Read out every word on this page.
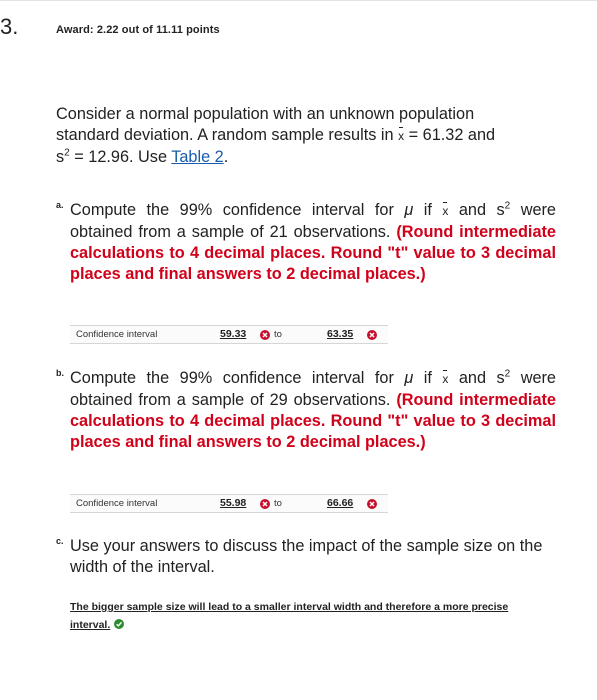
3.	Award: 2.22 out of 11.11 points
Consider a normal population with an unknown population
standard deviation. A random sample results in x = 61.32 and
$s^2 = 12.96$. Use Table 2.
a. Compute the 99% confidence interval for μ if x and $s^2$ were obtained from a sample of 21 observations. (Round intermediate calculations to 4 decimal places. Round "t" value to 3 decimal places and final answers to 2 decimal places.)
Confidence interval	59.33	to	63.35
b. Compute the 99% confidence interval for μ if x and $s^2$ were obtained from a sample of 29 observations. (Round intermediate calculations to 4 decimal places. Round "t" value to 3 decimal places and final answers to 2 decimal places.)
Confidence interval	55.98	to	66.66
c. Use your answers to discuss the impact of the sample size on the width of the interval.
The bigger sample size will lead to a smaller interval width and therefore a more precise interval.
